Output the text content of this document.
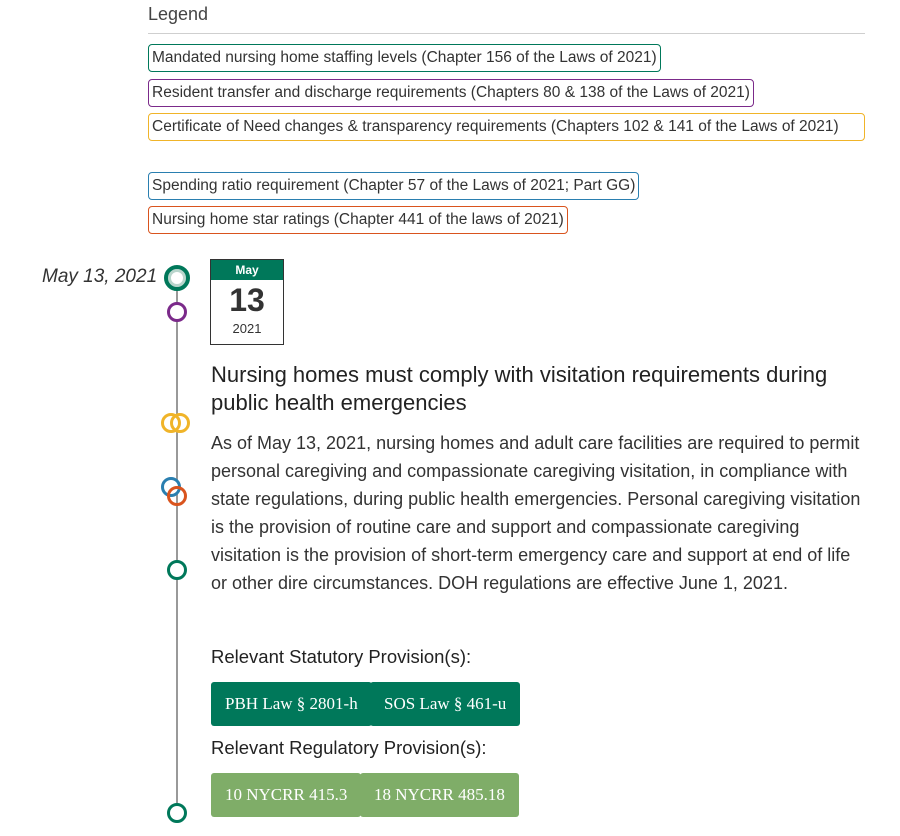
Legend
Mandated nursing home staffing levels (Chapter 156 of the Laws of 2021)
Resident transfer and discharge requirements (Chapters 80 & 138 of the Laws of 2021)
Certificate of Need changes & transparency requirements (Chapters 102 & 141 of the Laws of 2021)
Spending ratio requirement (Chapter 57 of the Laws of 2021; Part GG)
Nursing home star ratings (Chapter 441 of the laws of 2021)
May 13, 2021	May
13
2021
Nursing homes must comply with visitation requirements during public health emergencies
As of May 13, 2021, nursing homes and adult care facilities are required to permit personal caregiving and compassionate caregiving visitation, in compliance with state regulations, during public health emergencies. Personal caregiving visitation is the provision of routine care and support and compassionate caregiving visitation is the provision of short-term emergency care and support at end of life or other dire circumstances. DOH regulations are effective June 1, 2021.
Relevant Statutory Provision(s):
PBH Law § 2801-h	SOS Law § 461-u
Relevant Regulatory Provision(s):
10 NYCRR 415.3	18 NYCRR 485.18
